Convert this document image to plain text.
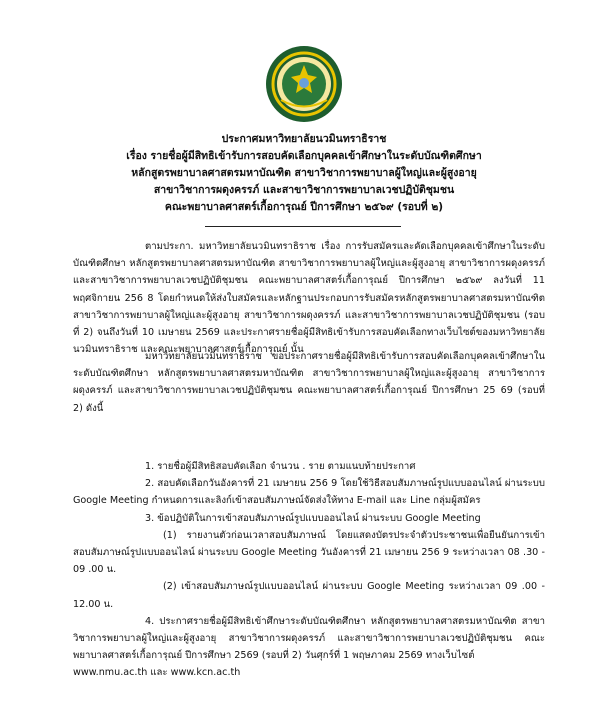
ประกาศมหาวิทยาลัยนวมินทราธิราช
เรื่อง รายชื่อผู้มีสิทธิเข้ารับการสอบคัดเลือกบุคคลเข้าศึกษาในระดับบัณฑิตศึกษา
หลักสูตรพยาบาลศาสตรมหาบัณฑิต สาขาวิชาการพยาบาลผู้ใหญ่และผู้สูงอายุ
สาขาวิชาการผดุงครรภ์ และสาขาวิชาการพยาบาลเวชปฏิบัติชุมชน
คณะพยาบาลศาสตร์เกื้อการุณย์ ปีการศึกษา ๒๕๖๙ (รอบที่ ๒)

ตามประกา. มหาวิทยาลัยนวมินทราธิราช เรื่อง การรับสมัครและคัดเลือกบุคคลเข้าศึกษาในระดับบัณฑิตศึกษา หลักสูตรพยาบาลศาสตรมหาบัณฑิต สาขาวิชาการพยาบาลผู้ใหญ่และผู้สูงอายุ สาขาวิชาการผดุงครรภ์ และสาขาวิชาการพยาบาลเวชปฏิบัติชุมชน คณะพยาบาลศาสตร์เกื้อการุณย์ ปีการศึกษา ๒๕๖๙ ลงวันที่ 11 พฤศจิกายน 256 8 โดยกำหนดให้ส่งใบสมัครและหลักฐานประกอบการรับสมัครหลักสูตรพยาบาลศาสตรมหาบัณฑิต สาขาวิชาการพยาบาลผู้ใหญ่และผู้สูงอายุ สาขาวิชาการผดุงครรภ์ และสาขาวิชาการพยาบาลเวชปฏิบัติชุมชน (รอบที่ 2) จนถึงวันที่ 10 เมษายน 2569 และประกาศรายชื่อผู้มีสิทธิเข้ารับการสอบคัดเลือกทางเว็บไซต์ของมหาวิทยาลัยนวมินทราธิราช และคณะพยาบาลศาสตร์เกื้อการุณย์ นั้น

มหาวิทยาลัยนวมินทราธิราช ขอประกาศรายชื่อผู้มีสิทธิเข้ารับการสอบคัดเลือกบุคคลเข้าศึกษาในระดับบัณฑิตศึกษา หลักสูตรพยาบาลศาสตรมหาบัณฑิต สาขาวิชาการพยาบาลผู้ใหญ่และผู้สูงอายุ สาขาวิชาการผดุงครรภ์ และสาขาวิชาการพยาบาลเวชปฏิบัติชุมชน คณะพยาบาลศาสตร์เกื้อการุณย์ ปีการศึกษา 25 69 (รอบที่ 2) ดังนี้

1. รายชื่อผู้มีสิทธิสอบคัดเลือก จำนวน . ราย ตามแนบท้ายประกาศ

2. สอบคัดเลือกวันอังคารที่ 21 เมษายน 256 9 โดยใช้วิธีสอบสัมภาษณ์รูปแบบออนไลน์ ผ่านระบบ Google Meeting กำหนดการและลิงก์เข้าสอบสัมภาษณ์จัดส่งให้ทาง E-mail และ Line กลุ่มผู้สมัคร

3. ข้อปฏิบัติในการเข้าสอบสัมภาษณ์รูปแบบออนไลน์ ผ่านระบบ Google Meeting

(1) รายงานตัวก่อนเวลาสอบสัมภาษณ์ โดยแสดงบัตรประจำตัวประชาชนเพื่อยืนยันการเข้าสอบสัมภาษณ์รูปแบบออนไลน์ ผ่านระบบ Google Meeting วันอังคารที่ 21 เมษายน 256 9 ระหว่างเวลา 08 .30 - 09 .00 น.

(2) เข้าสอบสัมภาษณ์รูปแบบออนไลน์ ผ่านระบบ Google Meeting ระหว่างเวลา 09 .00 - 12.00 น.

4. ประกาศรายชื่อผู้มีสิทธิเข้าศึกษาระดับบัณฑิตศึกษา หลักสูตรพยาบาลศาสตรมหาบัณฑิต สาขาวิชาการพยาบาลผู้ใหญ่และผู้สูงอายุ สาขาวิชาการผดุงครรภ์ และสาขาวิชาการพยาบาลเวชปฏิบัติชุมชน คณะพยาบาลศาสตร์เกื้อการุณย์ ปีการศึกษา 2569 (รอบที่ 2) วันศุกร์ที่ 1 พฤษภาคม 2569 ทางเว็บไซต์

www.nmu.ac.th และ www.kcn.ac.th
